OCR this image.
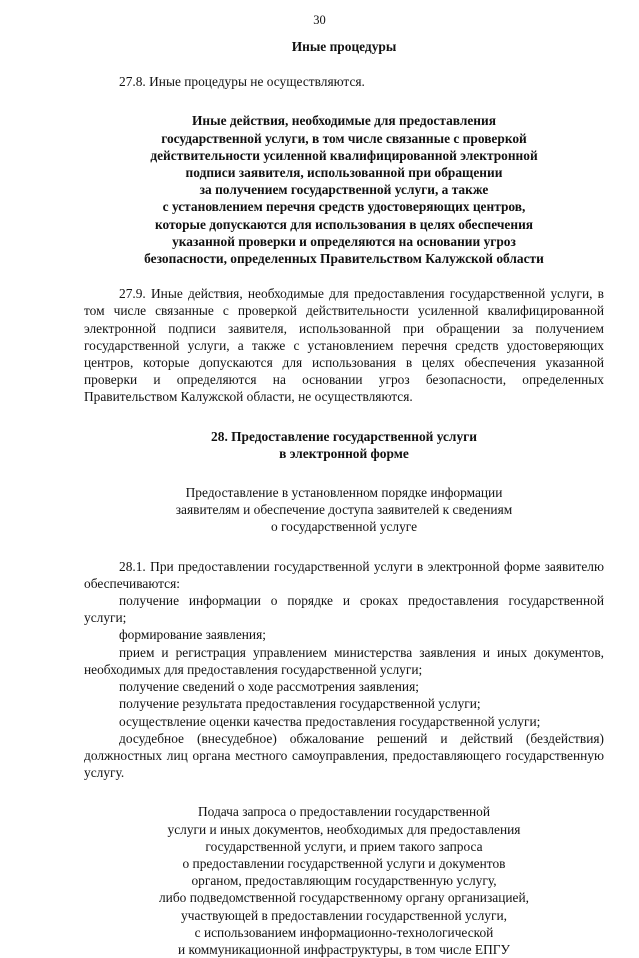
30

Иные процедуры

27.8. Иные процедуры не осуществляются.

Иные действия, необходимые для предоставления
государственной услуги, в том числе связанные с проверкой
действительности усиленной квалифицированной электронной
подписи заявителя, использованной при обращении
за получением государственной услуги, а также
с установлением перечня средств удостоверяющих центров,
которые допускаются для использования в целях обеспечения
указанной проверки и определяются на основании угроз
безопасности, определенных Правительством Калужской области

27.9. Иные действия, необходимые для предоставления государственной услуги, в том числе связанные с проверкой действительности усиленной квалифицированной электронной подписи заявителя, использованной при обращении за получением государственной услуги, а также с установлением перечня средств удостоверяющих центров, которые допускаются для использования в целях обеспечения указанной проверки и определяются на основании угроз безопасности, определенных Правительством Калужской области, не осуществляются.

28. Предоставление государственной услуги
в электронной форме
Предоставление в установленном порядке информации
заявителям и обеспечение доступа заявителей к сведениям
о государственной услуге

28.1. При предоставлении государственной услуги в электронной форме заявителю обеспечиваются:

получение информации о порядке и сроках предоставления государственной услуги;

формирование заявления;

прием и регистрация управлением министерства заявления и иных документов, необходимых для предоставления государственной услуги;

получение сведений о ходе рассмотрения заявления;

получение результата предоставления государственной услуги;

осуществление оценки качества предоставления государственной услуги;

досудебное (внесудебное) обжалование решений и действий (бездействия) должностных лиц органа местного самоуправления, предоставляющего государственную услугу.

Подача запроса о предоставлении государственной
услуги и иных документов, необходимых для предоставления
государственной услуги, и прием такого запроса
о предоставлении государственной услуги и документов
органом, предоставляющим государственную услугу,
либо подведомственной государственному органу организацией,
участвующей в предоставлении государственной услуги,
с использованием информационно-технологической
и коммуникационной инфраструктуры, в том числе ЕПГУ
